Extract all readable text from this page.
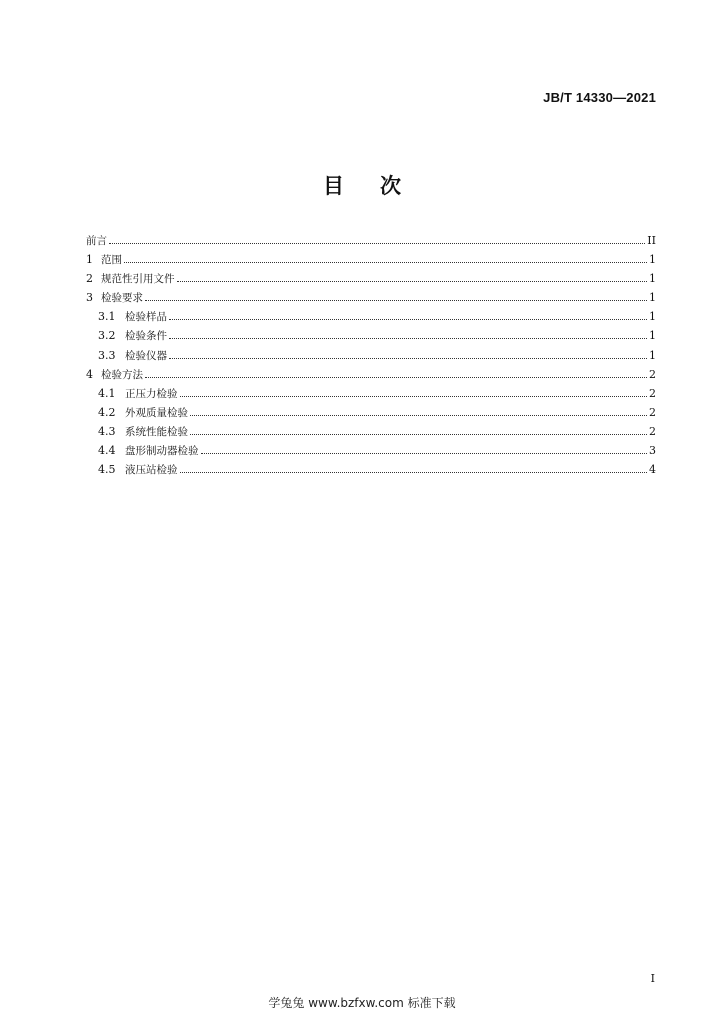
JB/T 14330—2021
目 次
前言	II
1 范围	1
2 规范性引用文件	1
3 检验要求	1
3.1 检验样品	1
3.2 检验条件	1
3.3 检验仪器	1
4 检验方法	2
4.1 正压力检验	2
4.2 外观质量检验	2
4.3 系统性能检验	2
4.4 盘形制动器检验	3
4.5 液压站检验	4
I
学兔兔 www.bzfxw.com 标准下载
